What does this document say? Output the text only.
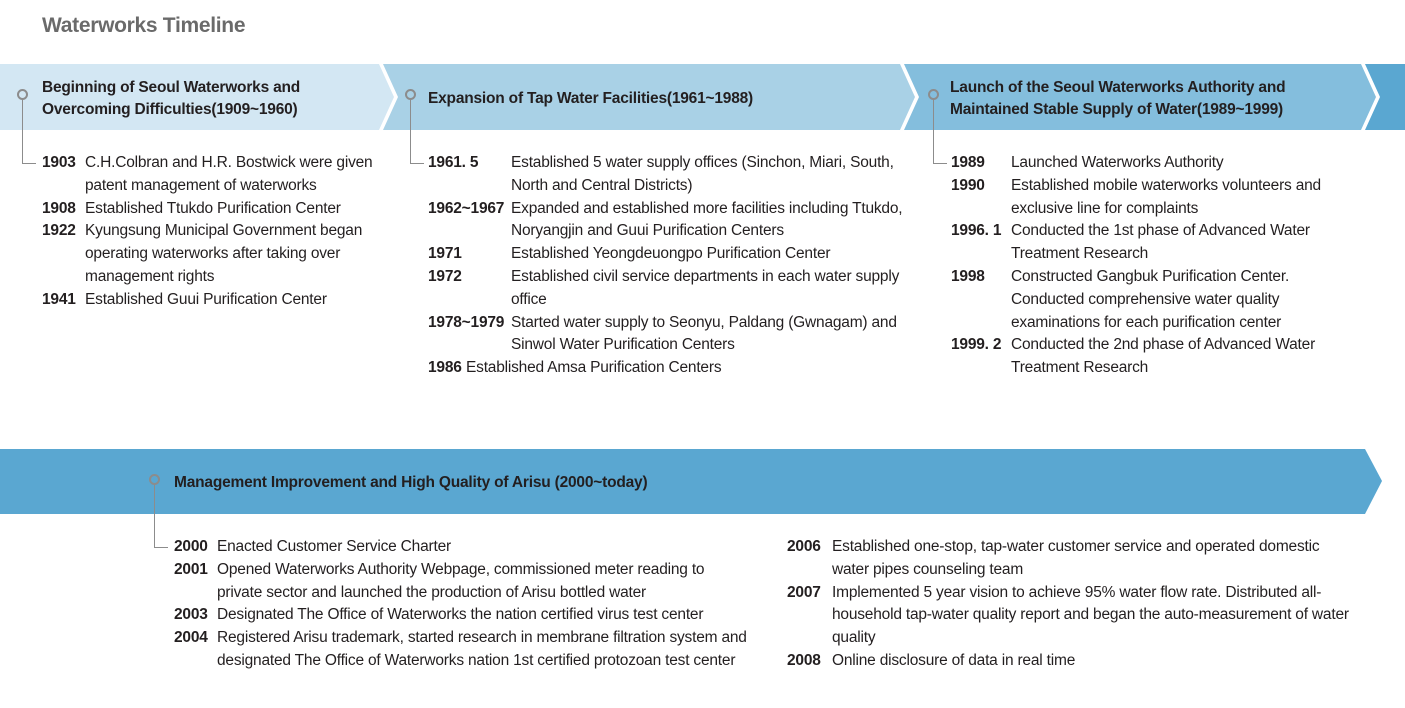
Waterworks Timeline
Beginning of Seoul Waterworks and
Overcoming Difficulties(1909~1960)
1903 C.H.Colbran and H.R. Bostwick were given patent management of waterworks
1908 Established Ttukdo Purification Center
1922 Kyungsung Municipal Government began operating waterworks after taking over management rights
1941 Established Guui Purification Center
Expansion of Tap Water Facilities(1961~1988)
1961. 5	Established 5 water supply offices (Sinchon, Miari, South, North and Central Districts)
1962~1967 Expanded and established more facilities including Ttukdo, Noryangjin and Guui Purification Centers
1971	Established Yeongdeuongpo Purification Center
1972	Established civil service departments in each water supply office
1978~1979 Started water supply to Seonyu, Paldang (Gwnagam) and Sinwol Water Purification Centers
1986 Established Amsa Purification Centers
Launch of the Seoul Waterworks Authority and
Maintained Stable Supply of Water(1989~1999)
1989	Launched Waterworks Authority
1990	Established mobile waterworks volunteers and exclusive line for complaints
1996. 1 Conducted the 1st phase of Advanced Water Treatment Research
1998	Constructed Gangbuk Purification Center. Conducted comprehensive water quality examinations for each purification center
1999. 2 Conducted the 2nd phase of Advanced Water Treatment Research
Management Improvement and High Quality of Arisu (2000~today)
2000 Enacted Customer Service Charter
2001 Opened Waterworks Authority Webpage, commissioned meter reading to private sector and launched the production of Arisu bottled water
2003 Designated The Office of Waterworks the nation certified virus test center
2004 Registered Arisu trademark, started research in membrane filtration system and designated The Office of Waterworks nation 1st certified protozoan test center
2006 Established one-stop, tap-water customer service and operated domestic water pipes counseling team
2007 Implemented 5 year vision to achieve 95% water flow rate. Distributed all-household tap-water quality report and began the auto-measurement of water quality
2008 Online disclosure of data in real time
